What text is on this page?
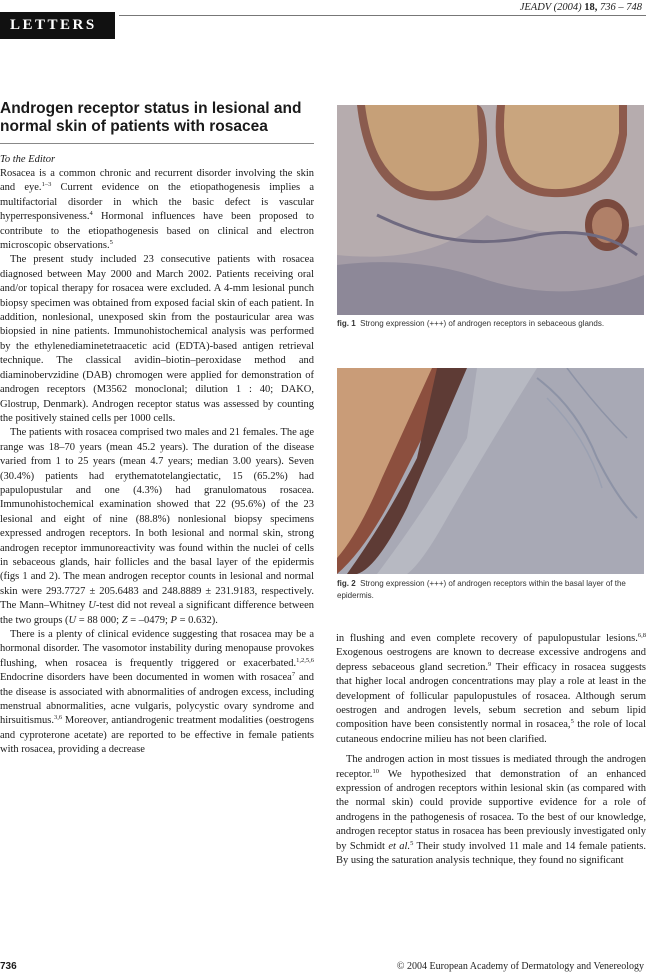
LETTERS
JEADV (2004) 18, 736 – 748
Androgen receptor status in lesional and normal skin of patients with rosacea
To the Editor

Rosacea is a common chronic and recurrent disorder involving the skin and eye.$^{1-3}$ Current evidence on the etiopathogenesis implies a multifactorial disorder in which the basic defect is vascular hyperresponsiveness.$^4$ Hormonal influences have been proposed to contribute to the etiopathogenesis based on clinical and electron microscopic observations.$^5$

The present study included 23 consecutive patients with rosacea diagnosed between May 2000 and March 2002. Patients receiving oral and/or topical therapy for rosacea were excluded. A 4-mm lesional punch biopsy specimen was obtained from exposed facial skin of each patient. In addition, nonlesional, unexposed skin from the postauricular area was biopsied in nine patients. Immunohistochemical analysis was performed by the ethylenediaminetetraacetic acid (EDTA)-based antigen retrieval technique. The classical avidin–biotin–peroxidase method and diaminobervzidine (DAB) chromogen were applied for demonstration of androgen receptors (M3562 monoclonal; dilution 1 : 40; DAKO, Glostrup, Denmark). Androgen receptor status was assessed by counting the positively stained cells per 1000 cells.

The patients with rosacea comprised two males and 21 females. The age range was 18–70 years (mean 45.2 years). The duration of the disease varied from 1 to 25 years (mean 4.7 years; median 3.00 years). Seven (30.4%) patients had erythematotelangiectatic, 15 (65.2%) had papulopustular and one (4.3%) had granulomatous rosacea. Immunohistochemical examination showed that 22 (95.6%) of the 23 lesional and eight of nine (88.8%) nonlesional biopsy specimens expressed androgen receptors. In both lesional and normal skin, strong androgen receptor immunoreactivity was found within the nuclei of cells in sebaceous glands, hair follicles and the basal layer of the epidermis (figs 1 and 2). The mean androgen receptor counts in lesional and normal skin were 293.7727 ± 205.6483 and 248.8889 ± 231.9183, respectively. The Mann–Whitney U-test did not reveal a significant difference between the two groups (U = 88 000; Z = –0479; P = 0.632).

There is a plenty of clinical evidence suggesting that rosacea may be a hormonal disorder. The vasomotor instability during menopause provokes flushing, when rosacea is frequently triggered or exacerbated.$^{1,2,5,6}$ Endocrine disorders have been documented in women with rosacea$^7$ and the disease is associated with abnormalities of androgen excess, including menstrual abnormalities, acne vulgaris, polycystic ovary syndrome and hirsuitismus.$^{3,6}$ Moreover, antiandrogenic treatment modalities (oestrogens and cyproterone acetate) are reported to be effective in female patients with rosacea, providing a decrease

fig. 1 Strong expression (+++) of androgen receptors in sebaceous glands.
fig. 2 Strong expression (+++) of androgen receptors within the basal layer of the epidermis.

in flushing and even complete recovery of papulopustular lesions.$^{6,8}$ Exogenous oestrogens are known to decrease excessive androgens and depress sebaceous gland secretion.$^9$ Their efficacy in rosacea suggests that higher local androgen concentrations may play a role at least in the development of follicular papulopustules of rosacea. Although serum oestrogen and androgen levels, sebum secretion and sebum lipid composition have been consistently normal in rosacea,$^5$ the role of local cutaneous endocrine milieu has not been clarified.

The androgen action in most tissues is mediated through the androgen receptor.$^{10}$ We hypothesized that demonstration of an enhanced expression of androgen receptors within lesional skin (as compared with the normal skin) could provide supportive evidence for a role of androgens in the pathogenesis of rosacea. To the best of our knowledge, androgen receptor status in rosacea has been previously investigated only by Schmidt et al.$^5$ Their study involved 11 male and 14 female patients. By using the saturation analysis technique, they found no significant

736	© 2004 European Academy of Dermatology and Venereology
